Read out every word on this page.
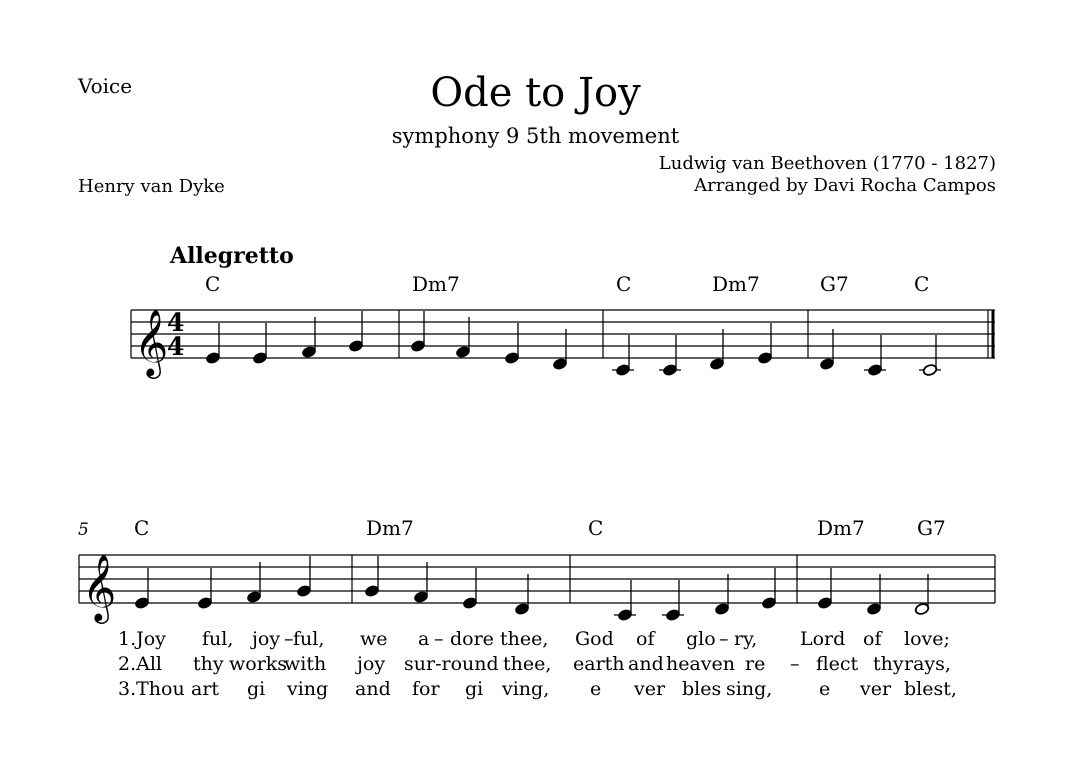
Voice	Ode to Joy
symphony 9 5th movement
Ludwig van Beethoven (1770 - 1827)
Arranged by Davi Rocha Campos
Henry van Dyke
Allegretto
C	Dm7	C	Dm7	G7	C
5 C	Dm7	C	Dm7	G7
1.Joy ful, joy – ful, we a – dore thee, God of glo – ry, Lord of love;
2.All thy works
with joy sur-round thee, earth and heaven re – flect thy rays,
3.Thou art gi ving and for gi ving, e ver bles sing, e ver blest,
𝄞
4
4
𝄞
